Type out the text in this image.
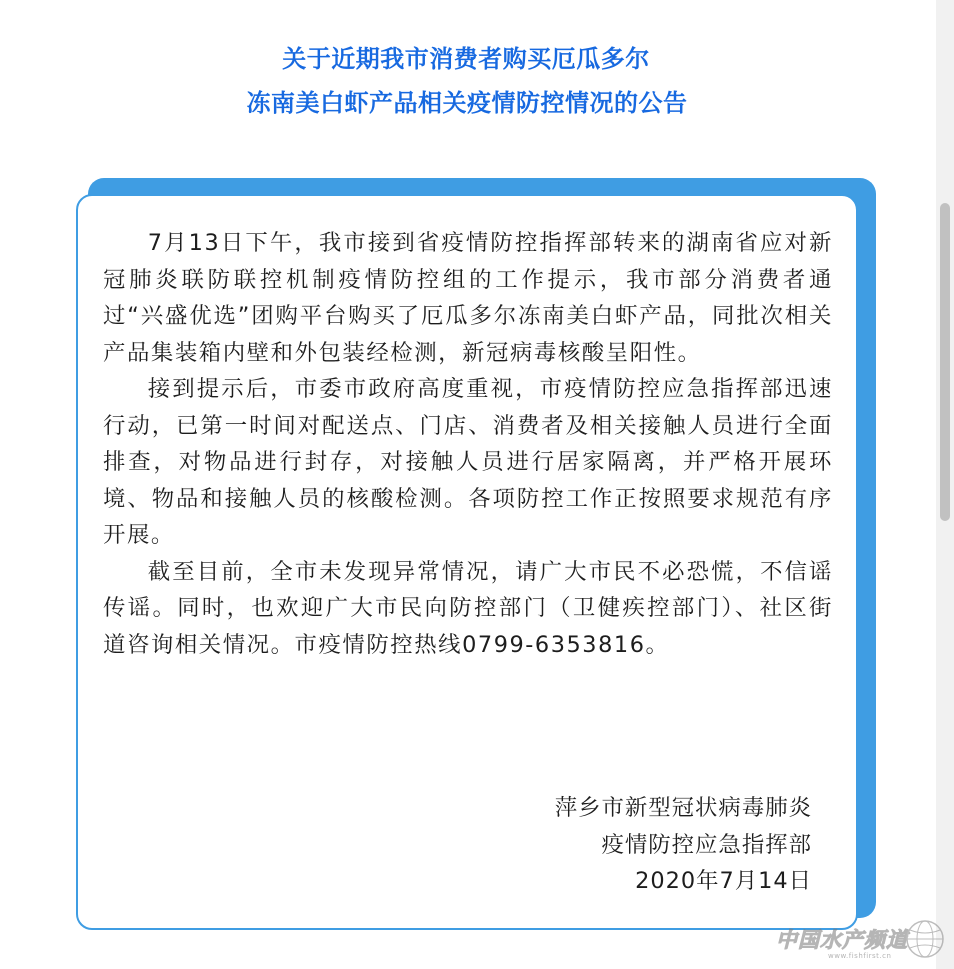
关于近期我市消费者购买厄瓜多尔
冻南美白虾产品相关疫情防控情况的公告

7月13日下午，我市接到省疫情防控指挥部转来的湖南省应对新冠肺炎联防联控机制疫情防控组的工作提示，我市部分消费者通过“兴盛优选”团购平台购买了厄瓜多尔冻南美白虾产品，同批次相关产品集装箱内壁和外包装经检测，新冠病毒核酸呈阳性。

接到提示后，市委市政府高度重视，市疫情防控应急指挥部迅速行动，已第一时间对配送点、门店、消费者及相关接触人员进行全面排查，对物品进行封存，对接触人员进行居家隔离，并严格开展环境、物品和接触人员的核酸检测。各项防控工作正按照要求规范有序开展。

截至目前，全市未发现异常情况，请广大市民不必恐慌，不信谣传谣。同时，也欢迎广大市民向防控部门（卫健疾控部门）、社区街道咨询相关情况。市疫情防控热线0799-6353816。

萍乡市新型冠状病毒肺炎
疫情防控应急指挥部
2020年7月14日
中国水产频道
www.fishfirst.cn
